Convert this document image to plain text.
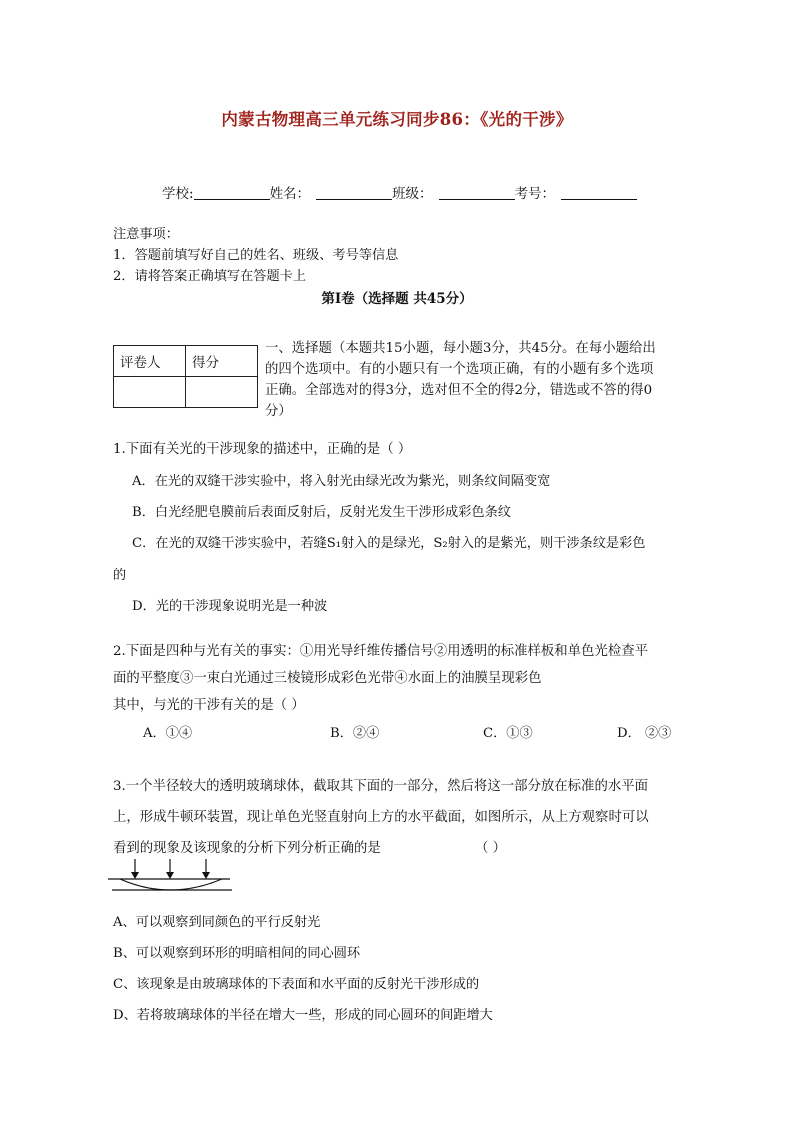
内蒙古物理高三单元练习同步86：《光的干涉》
学校:	姓名：	班级：	考号：
注意事项：
1．答题前填写好自己的姓名、班级、考号等信息
2．请将答案正确填写在答题卡上
第I卷（选择题 共45分）
评卷人	得分

一、选择题（本题共15小题，每小题3分，共45分。在每小题给出的四个选项中。有的小题只有一个选项正确，有的小题有多个选项正确。全部选对的得3分，选对但不全的得2分，错选或不答的得0分）
1.下面有关光的干涉现象的描述中，正确的是（ ）
A．在光的双缝干涉实验中，将入射光由绿光改为紫光，则条纹间隔变宽
B．白光经肥皂膜前后表面反射后，反射光发生干涉形成彩色条纹
C．在光的双缝干涉实验中，若缝S₁射入的是绿光，S₂射入的是紫光，则干涉条纹是彩色
的
D．光的干涉现象说明光是一种波
2.下面是四种与光有关的事实：①用光导纤维传播信号②用透明的标准样板和单色光检查平
面的平整度③一束白光通过三棱镜形成彩色光带④水面上的油膜呈现彩色
其中，与光的干涉有关的是（ ）
A．①④	B．②④	C．①③	D． ②③
3.一个半径较大的透明玻璃球体，截取其下面的一部分，然后将这一部分放在标准的水平面
上，形成牛顿环装置，现让单色光竖直射向上方的水平截面，如图所示，从上方观察时可以
看到的现象及该现象的分析下列分析正确的是	（ ）
A、可以观察到同颜色的平行反射光
B、可以观察到环形的明暗相间的同心圆环
C、该现象是由玻璃球体的下表面和水平面的反射光干涉形成的
D、若将玻璃球体的半径在增大一些，形成的同心圆环的间距增大
